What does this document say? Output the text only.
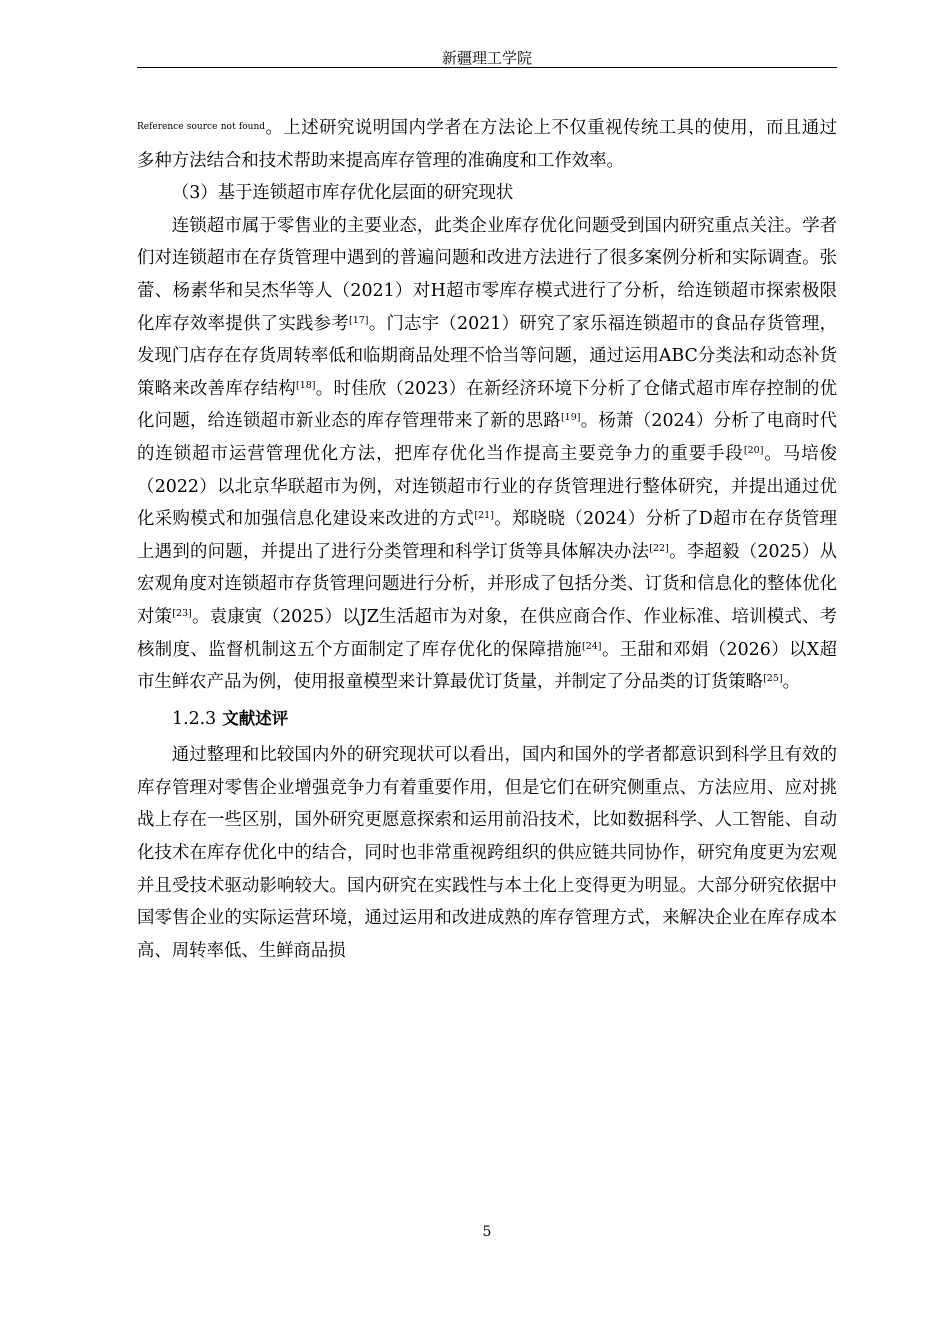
新疆理工学院

$^{Reference source not found}$。上述研究说明国内学者在方法论上不仅重视传统工具的使用，而且通过多种方法结合和技术帮助来提高库存管理的准确度和工作效率。

（3）基于连锁超市库存优化层面的研究现状

连锁超市属于零售业的主要业态，此类企业库存优化问题受到国内研究重点关注。学者们对连锁超市在存货管理中遇到的普遍问题和改进方法进行了很多案例分析和实际调查。张蕾、杨素华和吴杰华等人（2021）对H超市零库存模式进行了分析，给连锁超市探索极限化库存效率提供了实践参考[17]。门志宇（2021）研究了家乐福连锁超市的食品存货管理，发现门店存在存货周转率低和临期商品处理不恰当等问题，通过运用ABC分类法和动态补货策略来改善库存结构[18]。时佳欣（2023）在新经济环境下分析了仓储式超市库存控制的优化问题，给连锁超市新业态的库存管理带来了新的思路[19]。杨萧（2024）分析了电商时代的连锁超市运营管理优化方法，把库存优化当作提高主要竞争力的重要手段[20]。马培俊（2022）以北京华联超市为例，对连锁超市行业的存货管理进行整体研究，并提出通过优化采购模式和加强信息化建设来改进的方式[21]。郑晓晓（2024）分析了D超市在存货管理上遇到的问题，并提出了进行分类管理和科学订货等具体解决办法[22]。李超毅（2025）从宏观角度对连锁超市存货管理问题进行分析，并形成了包括分类、订货和信息化的整体优化对策[23]。袁康寅（2025）以JZ生活超市为对象，在供应商合作、作业标准、培训模式、考核制度、监督机制这五个方面制定了库存优化的保障措施[24]。王甜和邓娟（2026）以X超市生鲜农产品为例，使用报童模型来计算最优订货量，并制定了分品类的订货策略[25]。

1.2.3 文献述评

通过整理和比较国内外的研究现状可以看出，国内和国外的学者都意识到科学且有效的库存管理对零售企业增强竞争力有着重要作用，但是它们在研究侧重点、方法应用、应对挑战上存在一些区别，国外研究更愿意探索和运用前沿技术，比如数据科学、人工智能、自动化技术在库存优化中的结合，同时也非常重视跨组织的供应链共同协作，研究角度更为宏观并且受技术驱动影响较大。国内研究在实践性与本土化上变得更为明显。大部分研究依据中国零售企业的实际运营环境，通过运用和改进成熟的库存管理方式，来解决企业在库存成本高、周转率低、生鲜商品损

5
